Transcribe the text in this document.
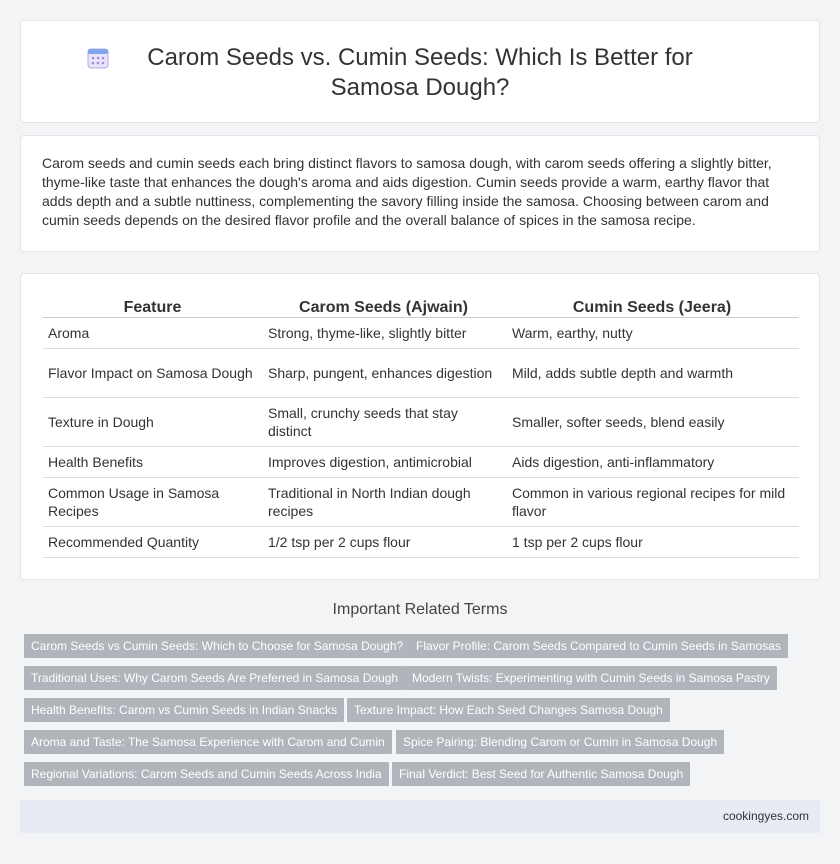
Carom Seeds vs. Cumin Seeds: Which Is Better for Samosa Dough?

Carom seeds and cumin seeds each bring distinct flavors to samosa dough, with carom seeds offering a slightly bitter, thyme-like taste that enhances the dough's aroma and aids digestion. Cumin seeds provide a warm, earthy flavor that adds depth and a subtle nuttiness, complementing the savory filling inside the samosa. Choosing between carom and cumin seeds depends on the desired flavor profile and the overall balance of spices in the samosa recipe.

Feature	Carom Seeds (Ajwain)	Cumin Seeds (Jeera)
Aroma	Strong, thyme-like, slightly bitter	Warm, earthy, nutty
Flavor Impact on Samosa Dough	Sharp, pungent, enhances digestion	Mild, adds subtle depth and warmth
Texture in Dough	Small, crunchy seeds that stay distinct	Smaller, softer seeds, blend easily
Health Benefits	Improves digestion, antimicrobial	Aids digestion, anti-inflammatory
Common Usage in Samosa Recipes	Traditional in North Indian dough recipes	Common in various regional recipes for mild flavor
Recommended Quantity	1/2 tsp per 2 cups flour	1 tsp per 2 cups flour
Important Related Terms
Carom Seeds vs Cumin Seeds: Which to Choose for Samosa Dough?	Flavor Profile: Carom Seeds Compared to Cumin Seeds in Samosas
Traditional Uses: Why Carom Seeds Are Preferred in Samosa Dough	Modern Twists: Experimenting with Cumin Seeds in Samosa Pastry
Health Benefits: Carom vs Cumin Seeds in Indian Snacks	Texture Impact: How Each Seed Changes Samosa Dough
Aroma and Taste: The Samosa Experience with Carom and Cumin	Spice Pairing: Blending Carom or Cumin in Samosa Dough
Regional Variations: Carom Seeds and Cumin Seeds Across India	Final Verdict: Best Seed for Authentic Samosa Dough
cookingyes.com
